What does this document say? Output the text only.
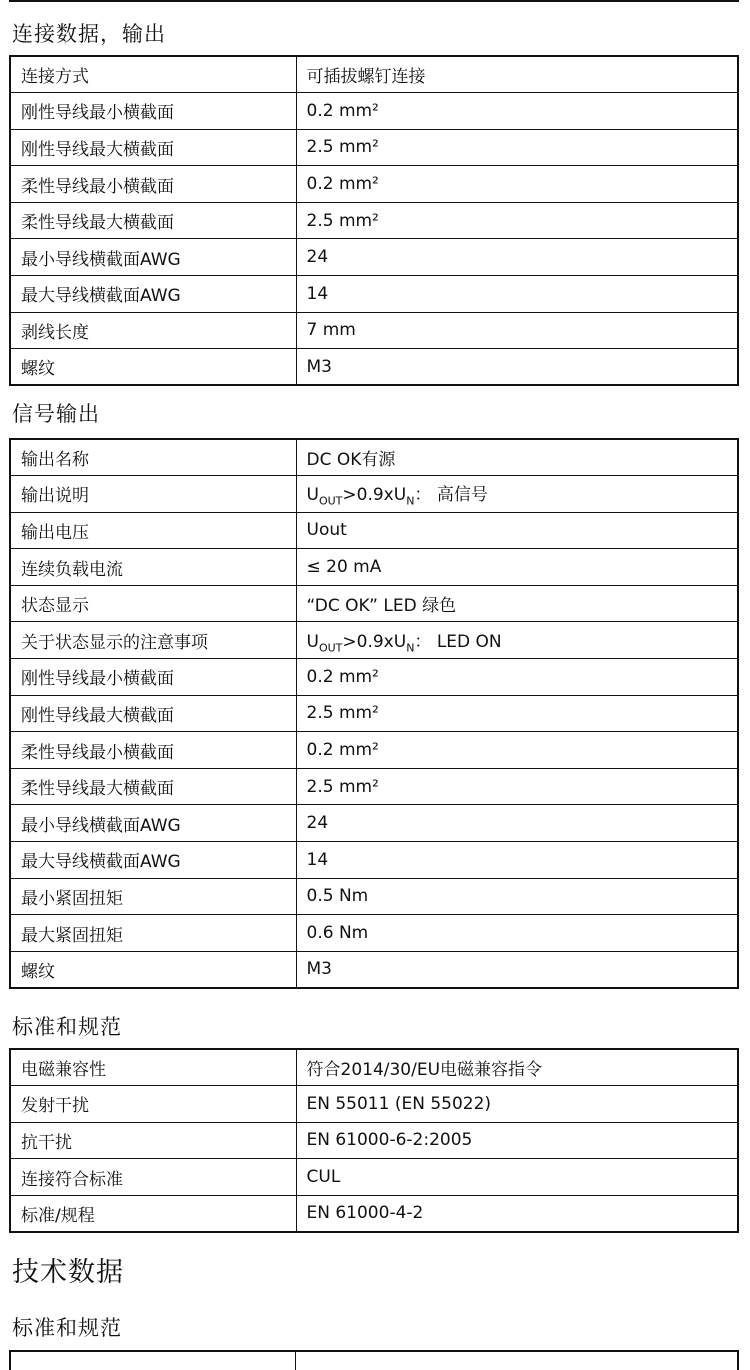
连接数据，输出
连接方式	可插拔螺钉连接
刚性导线最小横截面	0.2 mm²
刚性导线最大横截面	2.5 mm²
柔性导线最小横截面	0.2 mm²
柔性导线最大横截面	2.5 mm²
最小导线横截面AWG	24
最大导线横截面AWG	14
剥线长度	7 mm
螺纹	M3
信号输出
输出名称	DC OK有源
输出说明	$U_{OUT}>0.9xU_N$： 高信号
输出电压	Uout
连续负载电流	≤ 20 mA
状态显示	“DC OK” LED 绿色
关于状态显示的注意事项	$U_{OUT}>0.9xU_N$： LED ON
刚性导线最小横截面	0.2 mm²
刚性导线最大横截面	2.5 mm²
柔性导线最小横截面	0.2 mm²
柔性导线最大横截面	2.5 mm²
最小导线横截面AWG	24
最大导线横截面AWG	14
最小紧固扭矩	0.5 Nm
最大紧固扭矩	0.6 Nm
螺纹	M3
标准和规范
电磁兼容性	符合2014/30/EU电磁兼容指令
发射干扰	EN 55011 (EN 55022)
抗干扰	EN 61000-6-2:2005
连接符合标准	CUL
标准/规程	EN 61000-4-2
技术数据
标准和规范
